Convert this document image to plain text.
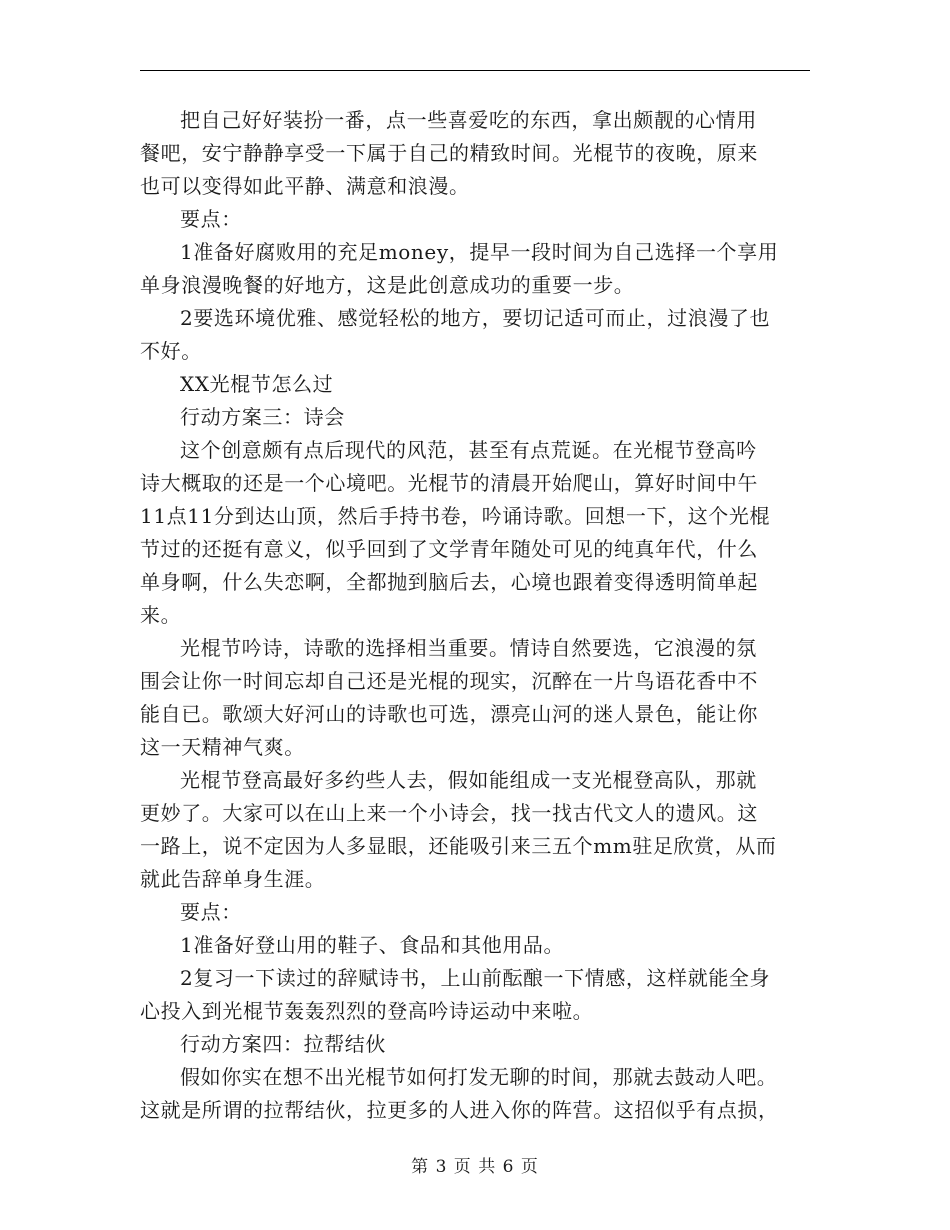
把自己好好装扮一番，点一些喜爱吃的东西，拿出颇靓的心情用
餐吧，安宁静静享受一下属于自己的精致时间。光棍节的夜晚，原来
也可以变得如此平静、满意和浪漫。

要点：

1准备好腐败用的充足money，提早一段时间为自己选择一个享用
单身浪漫晚餐的好地方，这是此创意成功的重要一步。

2要选环境优雅、感觉轻松的地方，要切记适可而止，过浪漫了也
不好。

XX光棍节怎么过

行动方案三：诗会

这个创意颇有点后现代的风范，甚至有点荒诞。在光棍节登高吟
诗大概取的还是一个心境吧。光棍节的清晨开始爬山，算好时间中午
11点11分到达山顶，然后手持书卷，吟诵诗歌。回想一下，这个光棍
节过的还挺有意义，似乎回到了文学青年随处可见的纯真年代，什么
单身啊，什么失恋啊，全都抛到脑后去，心境也跟着变得透明简单起
来。

光棍节吟诗，诗歌的选择相当重要。情诗自然要选，它浪漫的氛
围会让你一时间忘却自己还是光棍的现实，沉醉在一片鸟语花香中不
能自已。歌颂大好河山的诗歌也可选，漂亮山河的迷人景色，能让你
这一天精神气爽。

光棍节登高最好多约些人去，假如能组成一支光棍登高队，那就
更妙了。大家可以在山上来一个小诗会，找一找古代文人的遗风。这
一路上，说不定因为人多显眼，还能吸引来三五个mm驻足欣赏，从而
就此告辞单身生涯。

要点：

1准备好登山用的鞋子、食品和其他用品。

2复习一下读过的辞赋诗书，上山前酝酿一下情感，这样就能全身
心投入到光棍节轰轰烈烈的登高吟诗运动中来啦。

行动方案四：拉帮结伙

假如你实在想不出光棍节如何打发无聊的时间，那就去鼓动人吧。
这就是所谓的拉帮结伙，拉更多的人进入你的阵营。这招似乎有点损，

第 3 页 共 6 页
